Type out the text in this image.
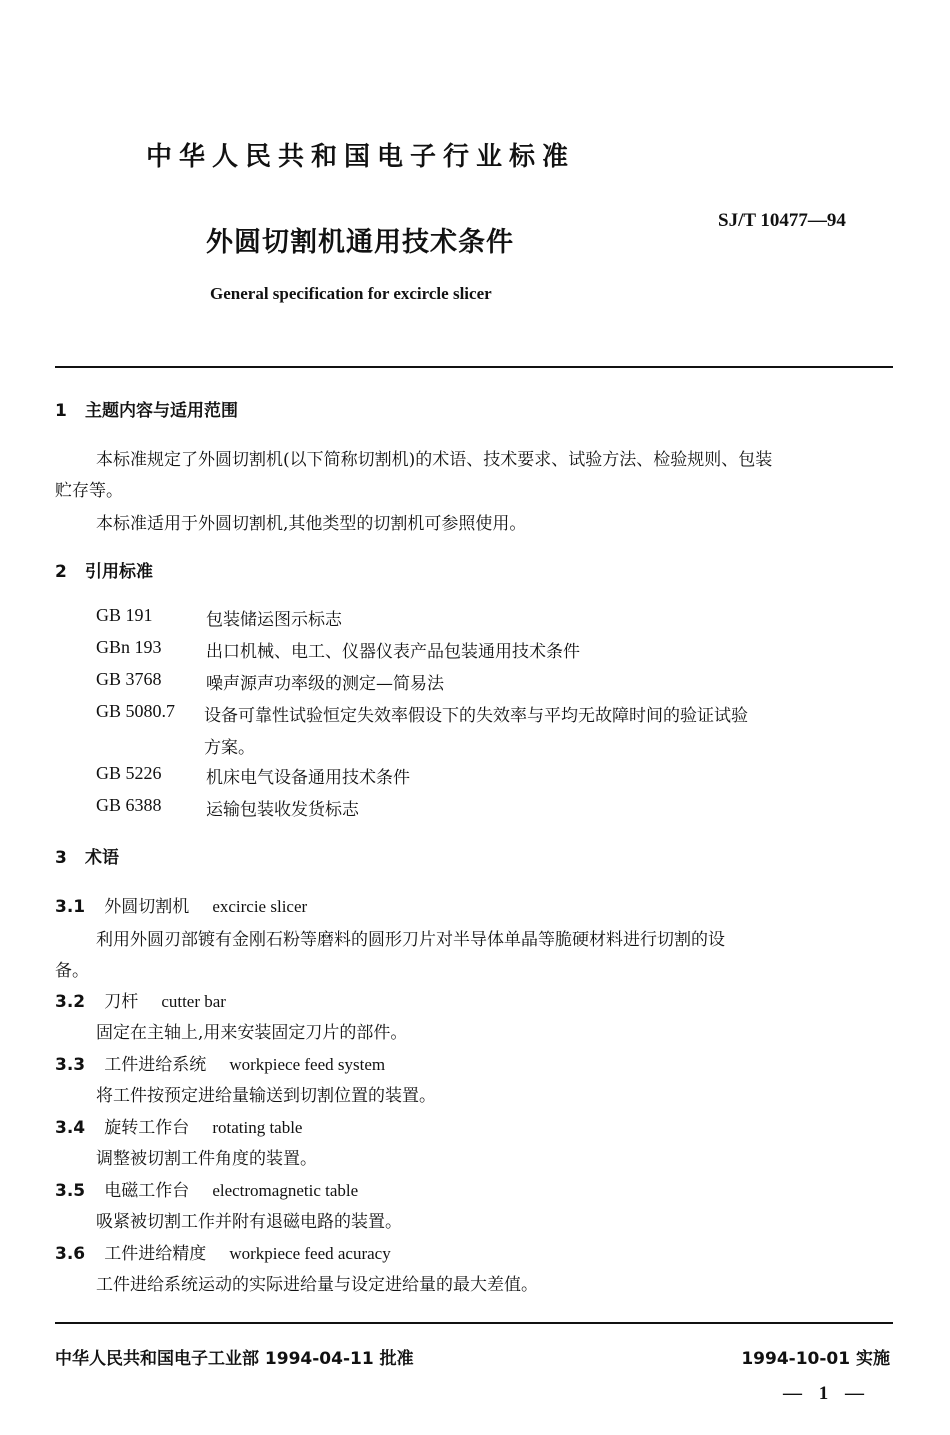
中华人民共和国电子行业标准
SJ/T 10477—94
外圆切割机通用技术条件
General specification for excircle slicer
1 主题内容与适用范围
本标准规定了外圆切割机(以下简称切割机)的术语、技术要求、试验方法、检验规则、包装
贮存等。
本标准适用于外圆切割机,其他类型的切割机可参照使用。
2 引用标准
GB 191	包装储运图示标志
GBn 193	出口机械、电工、仪器仪表产品包装通用技术条件
GB 3768	噪声源声功率级的测定—简易法
GB 5080.7 设备可靠性试验恒定失效率假设下的失效率与平均无故障时间的验证试验
方案。
GB 5226	机床电气设备通用技术条件
GB 6388	运输包装收发货标志
3 术语
3.1 外圆切割机 excircie slicer
利用外圆刃部镀有金刚石粉等磨料的圆形刀片对半导体单晶等脆硬材料进行切割的设
备。
3.2 刀杆 cutter bar
固定在主轴上,用来安装固定刀片的部件。
3.3 工件进给系统 workpiece feed system
将工件按预定进给量输送到切割位置的装置。
3.4 旋转工作台 rotating table
调整被切割工件角度的装置。
3.5 电磁工作台 electromagnetic table
吸紧被切割工作并附有退磁电路的装置。
3.6 工件进给精度 workpiece feed acuracy
工件进给系统运动的实际进给量与设定进给量的最大差值。
中华人民共和国电子工业部 1994-04-11 批准	1994-10-01 实施
— 1 —
